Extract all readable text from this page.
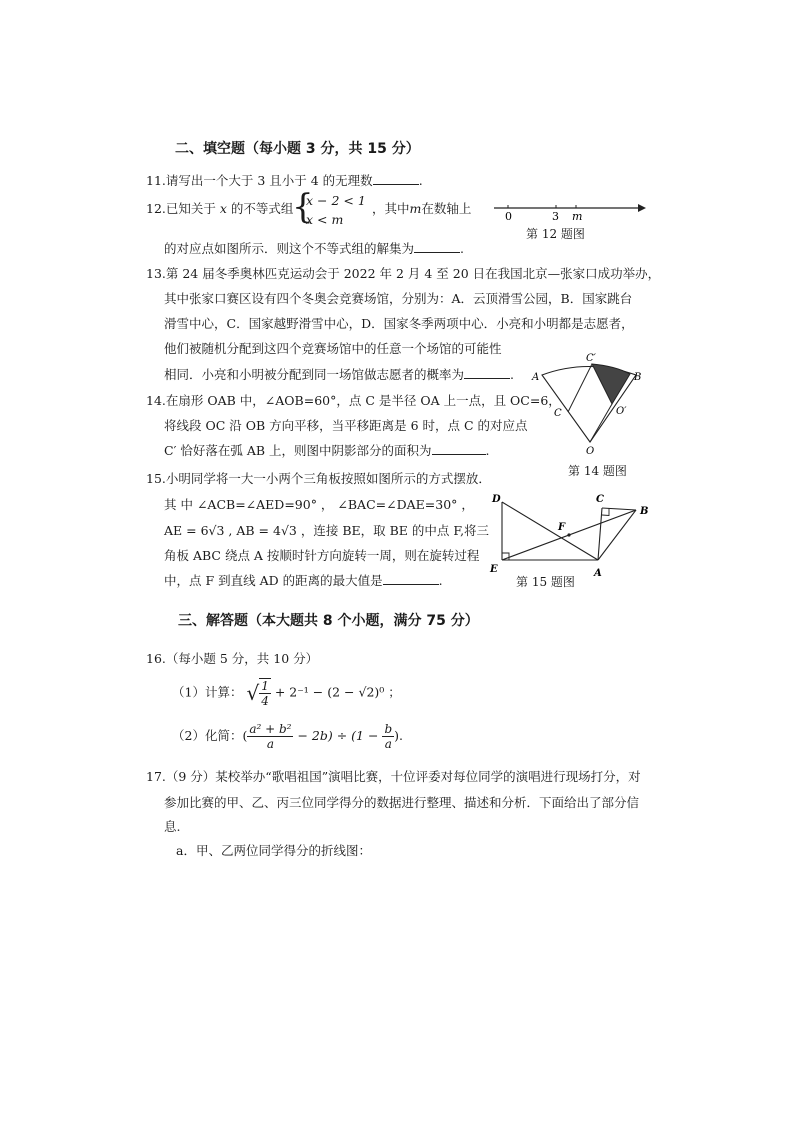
二、填空题（每小题 3 分，共 15 分）
11.请写出一个大于 3 且小于 4 的无理数	.
12.已知关于 x 的不等式组
{
x − 2 < 1
x < m
，其中m在数轴上
的对应点如图所示．则这个不等式组的解集为	.
0	3 m
第 12 题图
13.第 24 届冬季奥林匹克运动会于 2022 年 2 月 4 至 20 日在我国北京—张家口成功举办，
其中张家口赛区设有四个冬奥会竞赛场馆，分别为：A．云顶滑雪公园，B．国家跳台
滑雪中心，C．国家越野滑雪中心，D．国家冬季两项中心．小亮和小明都是志愿者，
他们被随机分配到这四个竞赛场馆中的任意一个场馆的可能性
相同．小亮和小明被分配到同一场馆做志愿者的概率为	.
14.在扇形 OAB 中，∠AOB=60°，点 C 是半径 OA 上一点，且 OC=6，
将线段 OC 沿 OB 方向平移，当平移距离是 6 时，点 C 的对应点
C′ 恰好落在弧 AB 上，则图中阴影部分的面积为	.
A	B
C′
C	O′
O
第 14 题图
15.小明同学将一大一小两个三角板按照如图所示的方式摆放．
其 中 ∠ACB=∠AED=90° ， ∠BAC=∠DAE=30° ，
AE = 6√3 , AB = 4√3 ，连接 BE，取 BE 的中点 F,将三
角板 ABC 绕点 A 按顺时针方向旋转一周，则在旋转过程
中，点 F 到直线 AD 的距离的最大值是	.
D
E	A
C
B
F
第 15 题图
三、解答题（本大题共 8 个小题，满分 75 分）
16.（每小题 5 分，共 10 分）
（1）计算： √ $\frac{1}{4} + 2^{-1} - (2 - √2)^0$ ；
（2）化简：( $\frac{\text{a² + b²}}{a} - 2b) \div (1 - \frac{b}{a}$ ).
17.（9 分）某校举办“歌唱祖国”演唱比赛，十位评委对每位同学的演唱进行现场打分，对
参加比赛的甲、乙、丙三位同学得分的数据进行整理、描述和分析．下面给出了部分信
息.
a．甲、乙两位同学得分的折线图：
